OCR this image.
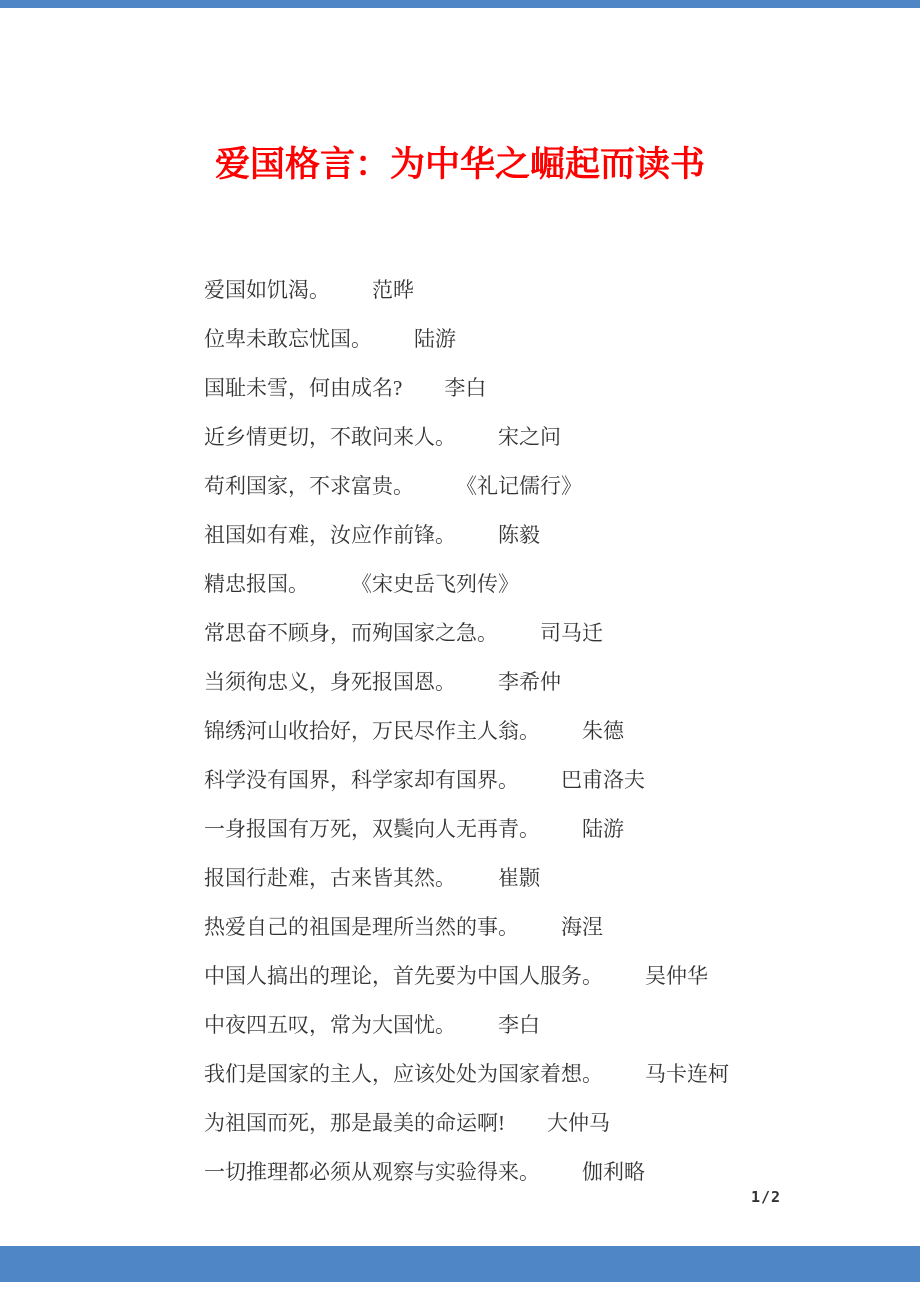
爱国格言：为中华之崛起而读书
爱国如饥渴。 范晔
位卑未敢忘忧国。 陆游
国耻未雪，何由成名? 李白
近乡情更切，不敢问来人。 宋之问
苟利国家，不求富贵。 《礼记儒行》
祖国如有难，汝应作前锋。 陈毅
精忠报国。 《宋史岳飞列传》
常思奋不顾身，而殉国家之急。 司马迁
当须徇忠义，身死报国恩。 李希仲
锦绣河山收拾好，万民尽作主人翁。 朱德
科学没有国界，科学家却有国界。 巴甫洛夫
一身报国有万死，双鬓向人无再青。 陆游
报国行赴难，古来皆其然。 崔颢
热爱自己的祖国是理所当然的事。 海涅
中国人搞出的理论，首先要为中国人服务。 吴仲华
中夜四五叹，常为大国忧。 李白
我们是国家的主人，应该处处为国家着想。 马卡连柯
为祖国而死，那是最美的命运啊! 大仲马
一切推理都必须从观察与实验得来。 伽利略
1/2
